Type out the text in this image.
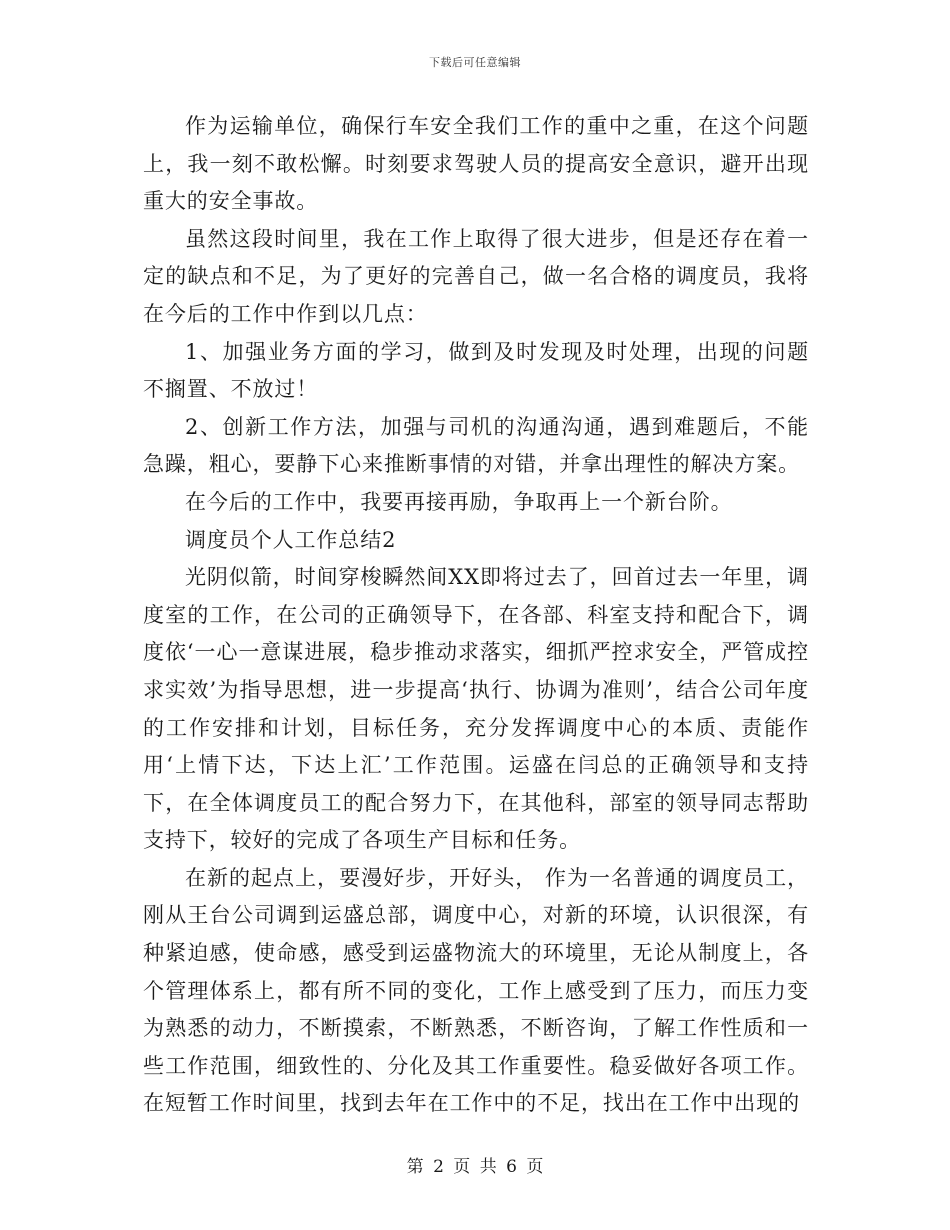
下载后可任意编辑

作为运输单位，确保行车安全我们工作的重中之重，在这个问题上，我一刻不敢松懈。时刻要求驾驶人员的提高安全意识，避开出现重大的安全事故。

虽然这段时间里，我在工作上取得了很大进步，但是还存在着一定的缺点和不足，为了更好的完善自己，做一名合格的调度员，我将在今后的工作中作到以几点：

1、加强业务方面的学习，做到及时发现及时处理，出现的问题不搁置、不放过！

2、创新工作方法，加强与司机的沟通沟通，遇到难题后，不能急躁，粗心，要静下心来推断事情的对错，并拿出理性的解决方案。

在今后的工作中，我要再接再励，争取再上一个新台阶。

调度员个人工作总结2

光阴似箭，时间穿梭瞬然间XX即将过去了，回首过去一年里，调度室的工作，在公司的正确领导下，在各部、科室支持和配合下，调度依‘一心一意谋进展，稳步推动求落实，细抓严控求安全，严管成控求实效’为指导思想，进一步提高‘执行、协调为准则’，结合公司年度的工作安排和计划，目标任务，充分发挥调度中心的本质、责能作用‘上情下达，下达上汇’工作范围。运盛在闫总的正确领导和支持下，在全体调度员工的配合努力下，在其他科，部室的领导同志帮助支持下，较好的完成了各项生产目标和任务。

在新的起点上，要漫好步，开好头， 作为一名普通的调度员工，刚从王台公司调到运盛总部，调度中心，对新的环境，认识很深，有种紧迫感，使命感，感受到运盛物流大的环境里，无论从制度上，各个管理体系上，都有所不同的变化，工作上感受到了压力，而压力变为熟悉的动力，不断摸索，不断熟悉，不断咨询，了解工作性质和一些工作范围，细致性的、分化及其工作重要性。稳妥做好各项工作。在短暂工作时间里，找到去年在工作中的不足，找出在工作中出现的

第 2 页 共 6 页
